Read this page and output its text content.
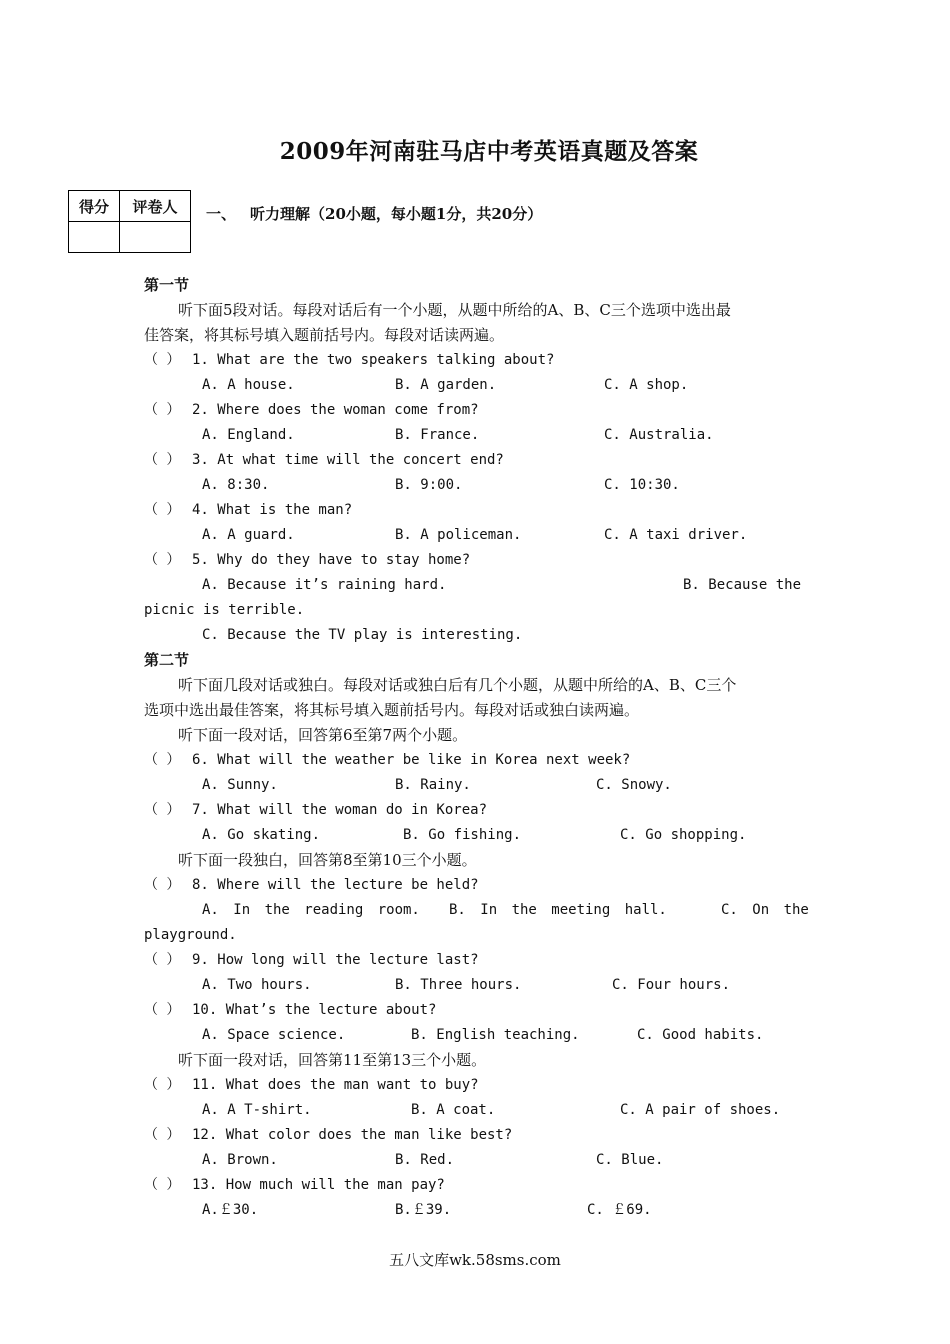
2009年河南驻马店中考英语真题及答案
得分	评卷人
	一、 听力理解（20小题，每小题1分，共20分）
第一节
听下面5段对话。每段对话后有一个小题，从题中所给的A、B、C三个选项中选出最
佳答案，将其标号填入题前括号内。每段对话读两遍。
（ ） 1. What are the two speakers talking about?
A. A house.	B. A garden.	C. A shop.
（ ） 2. Where does the woman come from?
A. England.	B. France.	C. Australia.
（ ） 3. At what time will the concert end?
A. 8:30.	B. 9:00.	C. 10:30.
（ ） 4. What is the man?
A. A guard.	B. A policeman.	C. A taxi driver.
（ ） 5. Why do they have to stay home?
A. Because it’s raining hard.	B. Because the
picnic is terrible.
C. Because the TV play is interesting.
第二节
听下面几段对话或独白。每段对话或独白后有几个小题，从题中所给的A、B、C三个
选项中选出最佳答案，将其标号填入题前括号内。每段对话或独白读两遍。
听下面一段对话，回答第6至第7两个小题。
（ ） 6. What will the weather be like in Korea next week?
A. Sunny.	B. Rainy.	C. Snowy.
（ ） 7. What will the woman do in Korea?
A. Go skating.	B. Go fishing.	C. Go shopping.
听下面一段独白，回答第8至第10三个小题。
（ ） 8. Where will the lecture be held?
A. In the reading room. B. In the meeting hall.	C. On the
playground.
（ ） 9. How long will the lecture last?
A. Two hours.	B. Three hours.	C. Four hours.
（ ） 10. What’s the lecture about?
A. Space science.	B. English teaching.	C. Good habits.
听下面一段对话，回答第11至第13三个小题。
（ ） 11. What does the man want to buy?
A. A T-shirt.	B. A coat.	C. A pair of shoes.
（ ） 12. What color does the man like best?
A. Brown.	B. Red.	C. Blue.
（ ） 13. How much will the man pay?
A.￡30.	B.￡39.	C. ￡69.
五八文库wk.58sms.com
